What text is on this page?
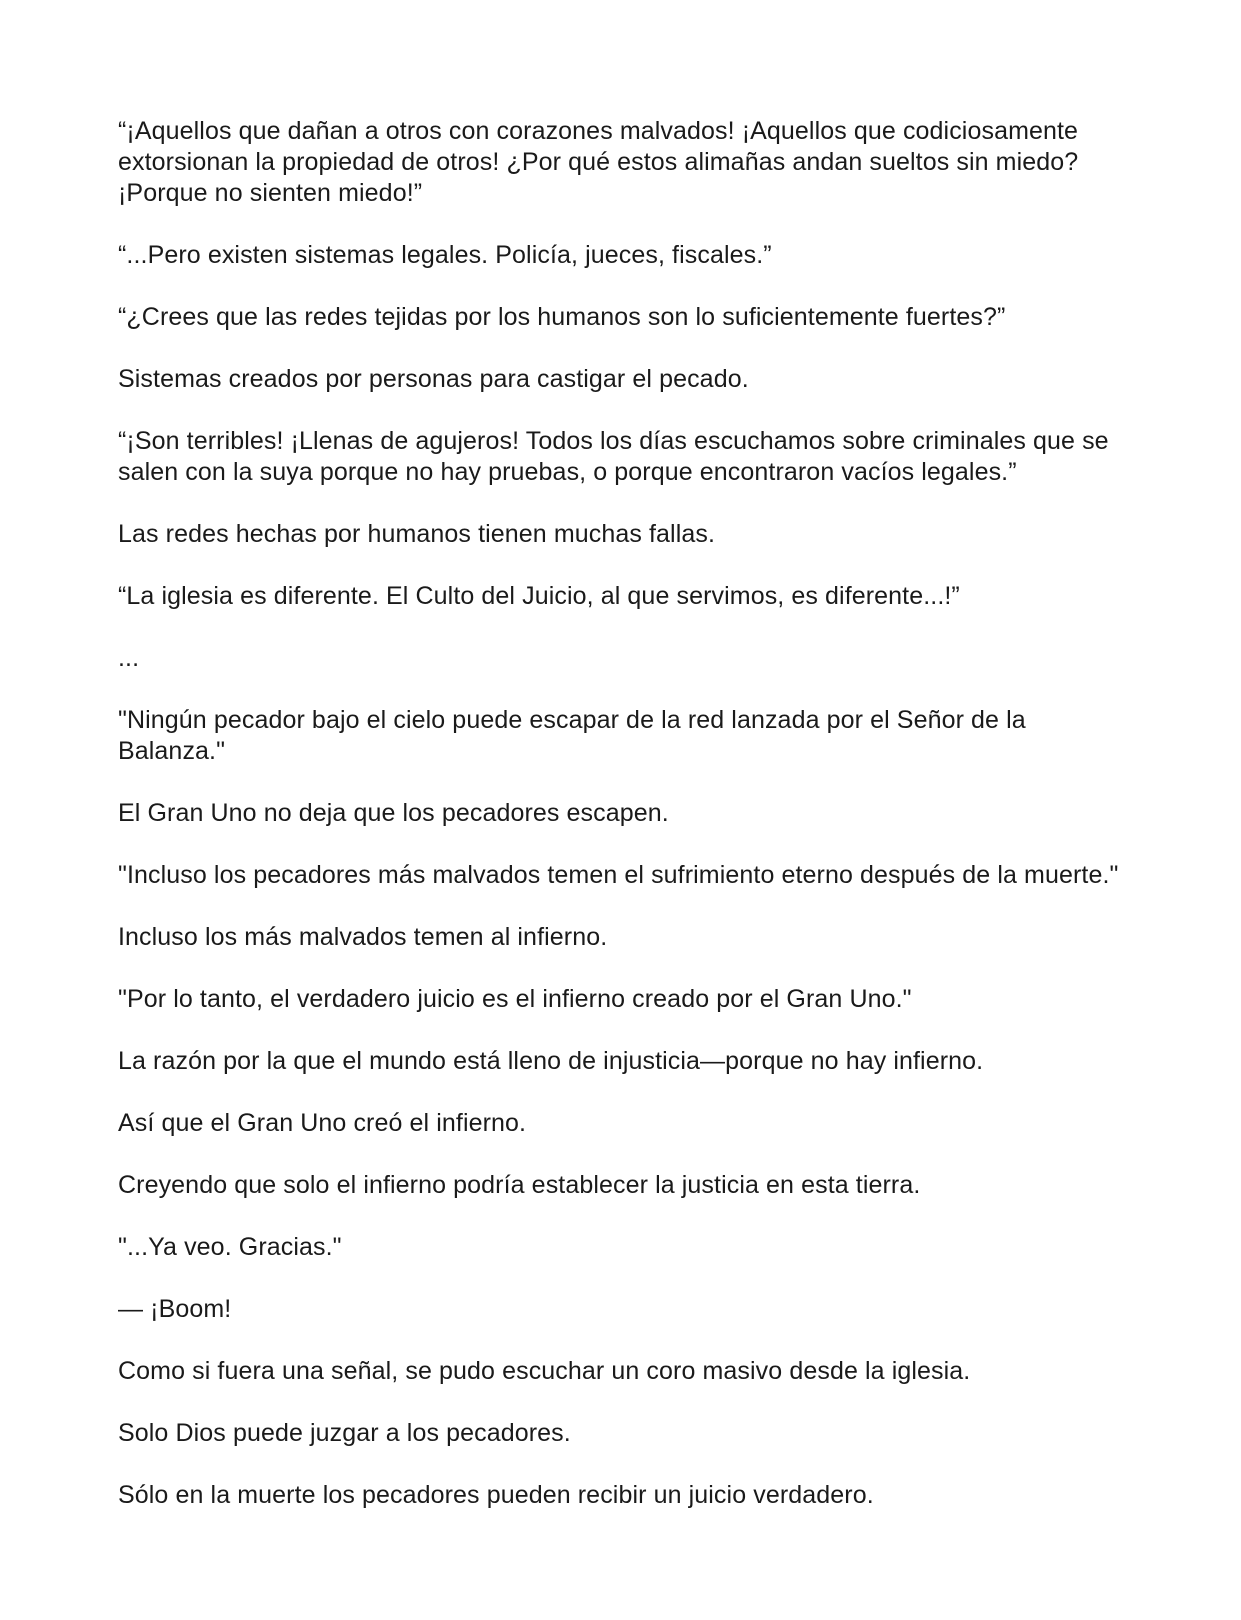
“¡Aquellos que dañan a otros con corazones malvados! ¡Aquellos que codiciosamente extorsionan la propiedad de otros! ¿Por qué estos alimañas andan sueltos sin miedo? ¡Porque no sienten miedo!”

“...Pero existen sistemas legales. Policía, jueces, fiscales.”

“¿Crees que las redes tejidas por los humanos son lo suficientemente fuertes?”

Sistemas creados por personas para castigar el pecado.

“¡Son terribles! ¡Llenas de agujeros! Todos los días escuchamos sobre criminales que se salen con la suya porque no hay pruebas, o porque encontraron vacíos legales.”

Las redes hechas por humanos tienen muchas fallas.

“La iglesia es diferente. El Culto del Juicio, al que servimos, es diferente...!”

...

"Ningún pecador bajo el cielo puede escapar de la red lanzada por el Señor de la Balanza."

El Gran Uno no deja que los pecadores escapen.

"Incluso los pecadores más malvados temen el sufrimiento eterno después de la muerte."

Incluso los más malvados temen al infierno.

"Por lo tanto, el verdadero juicio es el infierno creado por el Gran Uno."

La razón por la que el mundo está lleno de injusticia—porque no hay infierno.

Así que el Gran Uno creó el infierno.

Creyendo que solo el infierno podría establecer la justicia en esta tierra.

"...Ya veo. Gracias."

— ¡Boom!

Como si fuera una señal, se pudo escuchar un coro masivo desde la iglesia.

Solo Dios puede juzgar a los pecadores.

Sólo en la muerte los pecadores pueden recibir un juicio verdadero.
